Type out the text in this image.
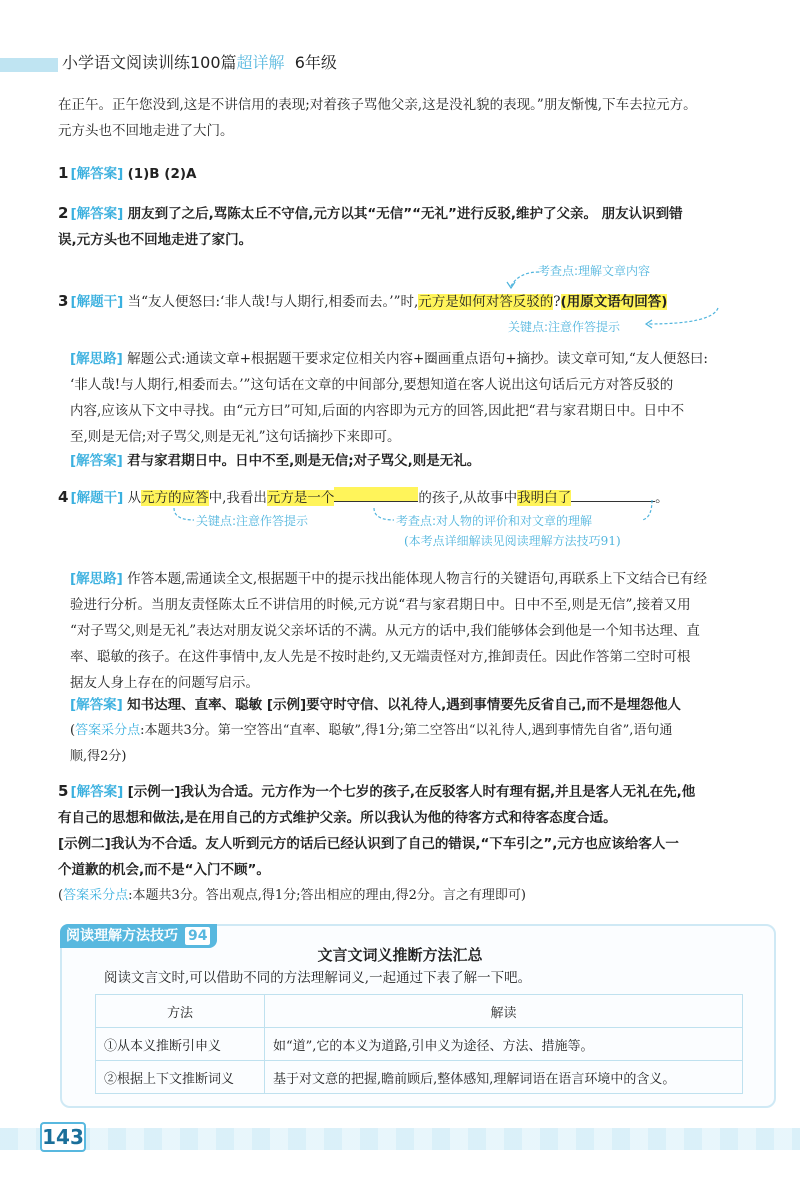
小学语文阅读训练100篇超详解 6年级
在正午。正午您没到,这是不讲信用的表现;对着孩子骂他父亲,这是没礼貌的表现。”朋友惭愧,下车去拉元方。
元方头也不回地走进了大门。
1 [解答案] (1)B (2)A
2 [解答案] 朋友到了之后,骂陈太丘不守信,元方以其“无信”“无礼”进行反驳,维护了父亲。 朋友认识到错
误,元方头也不回地走进了家门。
考查点:理解文章内容
3 [解题干] 当“友人便怒曰:‘非人哉!与人期行,相委而去。’”时,元方是如何对答反驳的?(用原文语句回答)
关键点:注意作答提示
[解思路] 解题公式:通读文章+根据题干要求定位相关内容+圈画重点语句+摘抄。读文章可知,“友人便怒曰:
‘非人哉!与人期行,相委而去。’”这句话在文章的中间部分,要想知道在客人说出这句话后元方对答反驳的
内容,应该从下文中寻找。由“元方曰”可知,后面的内容即为元方的回答,因此把“君与家君期日中。日中不
至,则是无信;对子骂父,则是无礼”这句话摘抄下来即可。
[解答案] 君与家君期日中。日中不至,则是无信;对子骂父,则是无礼。
4 [解题干] 从元方的应答中,我看出元方是一个	的孩子,从故事中我明白了	。
关键点:注意作答提示	考查点:对人物的评价和对文章的理解
(本考点详细解读见阅读理解方法技巧91)
[解思路] 作答本题,需通读全文,根据题干中的提示找出能体现人物言行的关键语句,再联系上下文结合已有经
验进行分析。当朋友责怪陈太丘不讲信用的时候,元方说“君与家君期日中。日中不至,则是无信”,接着又用
“对子骂父,则是无礼”表达对朋友说父亲坏话的不满。从元方的话中,我们能够体会到他是一个知书达理、直
率、聪敏的孩子。在这件事情中,友人先是不按时赴约,又无端责怪对方,推卸责任。因此作答第二空时可根
据友人身上存在的问题写启示。
[解答案] 知书达理、直率、聪敏 [示例]要守时守信、以礼待人,遇到事情要先反省自己,而不是埋怨他人
(答案采分点:本题共3分。第一空答出“直率、聪敏”,得1分;第二空答出“以礼待人,遇到事情先自省”,语句通
顺,得2分)
5 [解答案] [示例一]我认为合适。元方作为一个七岁的孩子,在反驳客人时有理有据,并且是客人无礼在先,他
有自己的思想和做法,是在用自己的方式维护父亲。所以我认为他的待客方式和待客态度合适。
[示例二]我认为不合适。友人听到元方的话后已经认识到了自己的错误,“下车引之”,元方也应该给客人一
个道歉的机会,而不是“入门不顾”。
(答案采分点:本题共3分。答出观点,得1分;答出相应的理由,得2分。言之有理即可)
阅读理解方法技巧 94
文言文词义推断方法汇总
阅读文言文时,可以借助不同的方法理解词义,一起通过下表了解一下吧。
方法	解读
①从本义推断引申义	如“道”,它的本义为道路,引申义为途径、方法、措施等。
②根据上下文推断词义	基于对文意的把握,瞻前顾后,整体感知,理解词语在语言环境中的含义。
143
